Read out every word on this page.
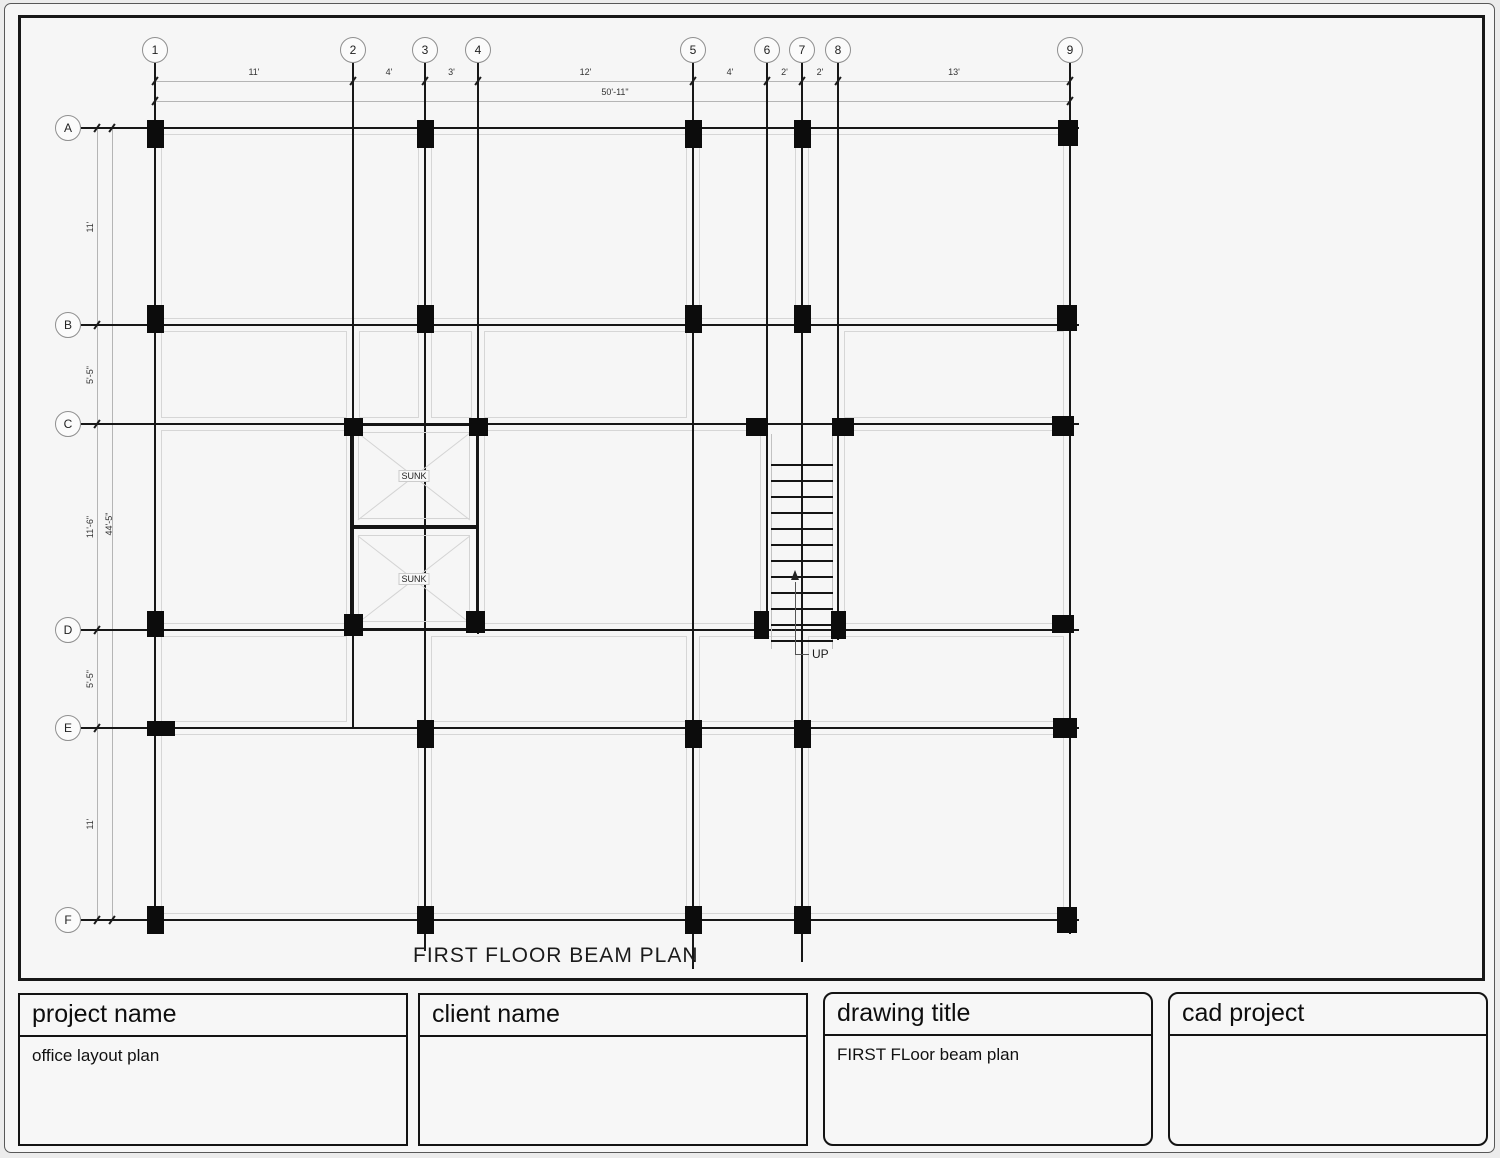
1	2	3	4	5	6	7	8	9
A
B
C
D
E
F
11'	4'	3'	12'	4'	2'	2'	13'
50'-11"
11'
5'-5"
11'-6"
5'-5"
11'
44'-5"
SUNK
SUNK
UP
FIRST FLOOR BEAM PLAN
project name
office layout plan
client name	drawing title
FIRST FLoor beam plan
cad project
